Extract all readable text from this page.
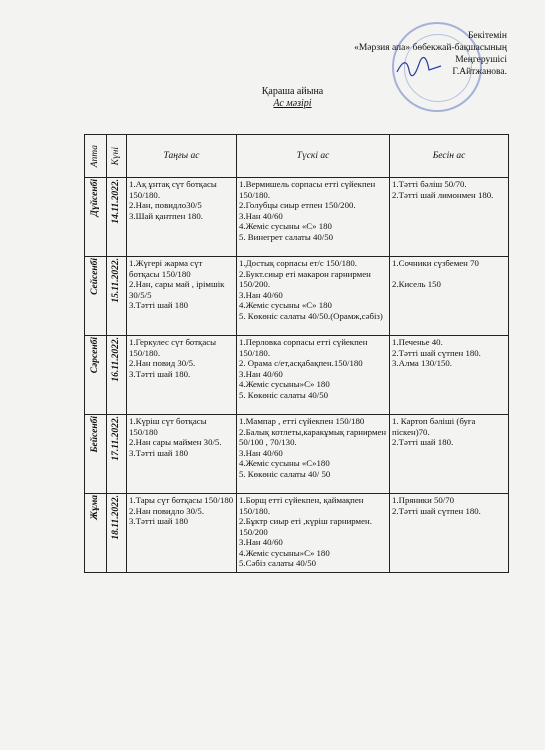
Бекітемін
«Мәрзия апа» бөбекжай-бақшасының
Меңгерушісі
Г.Айтжанова.
Қараша айына
Ас мәзірі
Апта	Күні	Таңғы ас	Түскі ас	Бесін ас

Дүйсенбі	14.11.2022.	1.Ақ ұнтақ сүт ботқасы 150/180.
2.Нан, повидло30/5
3.Шай қантпен 180.	1.Вермишель сорпасы етті сүйекпен 150/180.
2.Голубцы сиыр етпен 150/200.
3.Нан 40/60
4.Жеміс сусыны «С» 180
5. Винегрет салаты 40/50	1.Тәтті бәліш 50/70.
2.Тәтті шай лимонмен 180.

Сейсенбі	15.11.2022.	1.Жүгері жарма сүт ботқасы 150/180
2.Нан, сары май , ірімшік 30/5/5
3.Тәтті шай 180	1.Достық сорпасы ет/с 150/180.
2.Букт.сиыр еті макарон гарнирмен 150/200.
3.Нан 40/60
4.Жеміс сусыны «С» 180
5. Көкөніс салаты 40/50.(Орамж,сәбіз)	1.Сочники сүзбемен 70

2.Кисель 150

Сәрсенбі	16.11.2022.	1.Геркулес сүт ботқасы 150/180.
2.Нан повид 30/5.
3.Тәтті шай 180.	1.Перловка сорпасы етті сүйекпен 150/180.
2. Орама с/ет,асқабақпен.150/180
3.Нан 40/60
4.Жеміс сусыны»С» 180
5. Көкөніс салаты 40/50	1.Печенье 40.
2.Тәтті шай сүтпен 180.
3.Алма 130/150.

Бейсенбі	17.11.2022.	1.Күріш сүт ботқасы 150/180
2.Нан сары маймен 30/5.
3.Тәтті шай 180	1.Мампар , етті сүйекпен 150/180
2.Балық котлеты,каракұмық гарнирмен 50/100 , 70/130.
3.Нан 40/60
4.Жеміс сусыны «С»180
5. Көкөніс салаты 40/ 50	1. Картоп бәліші (буға піскен)70.
2.Тәтті шай 180.

Жұма	18.11.2022.	1.Тары сүт ботқасы 150/180
2.Нан повидло 30/5.
3.Тәтті шай 180	1.Борщ етті сүйекпен, қаймақпен 150/180.
2.Бұктр сиыр еті ,күріш гарнирмен. 150/200
3.Нан 40/60
4.Жеміс сусыны»С» 180
5.Сәбіз салаты 40/50	1.Пряники 50/70
2.Тәтті шай сүтпен 180.
